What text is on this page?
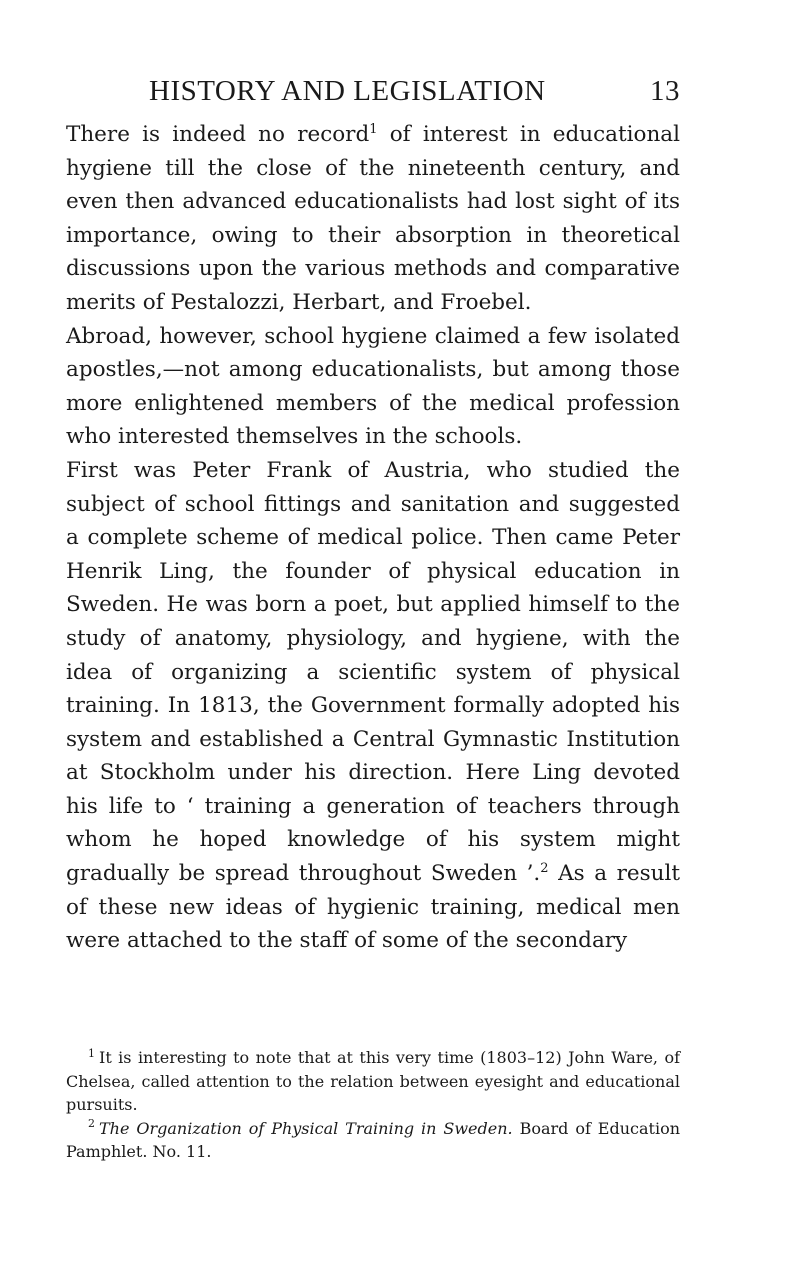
HISTORY AND LEGISLATION	13

There is indeed no record$^1$ of interest in educational hygiene till the close of the nineteenth century, and even then advanced educationalists had lost sight of its importance, owing to their absorption in theoretical discussions upon the various methods and comparative merits of Pestalozzi, Herbart, and Froebel.

Abroad, however, school hygiene claimed a few isolated apostles,—not among educationalists, but among those more enlightened members of the medical profession who interested themselves in the schools.

First was Peter Frank of Austria, who studied the subject of school fittings and sanitation and suggested a complete scheme of medical police. Then came Peter Henrik Ling, the founder of physical education in Sweden. He was born a poet, but applied himself to the study of anatomy, physiology, and hygiene, with the idea of organizing a scientific system of physical training. In 1813, the Government formally adopted his system and established a Central Gymnastic Institution at Stockholm under his direction. Here Ling devoted his life to ‘ training a generation of teachers through whom he hoped knowledge of his system might gradually be spread throughout Sweden ’.$^2$ As a result of these new ideas of hygienic training, medical men were attached to the staff of some of the secondary

$^1$ It is interesting to note that at this very time (1803–12) John Ware, of Chelsea, called attention to the relation between eyesight and educational pursuits.

$^2$ The Organization of Physical Training in Sweden. Board of Education Pamphlet. No. 11.
